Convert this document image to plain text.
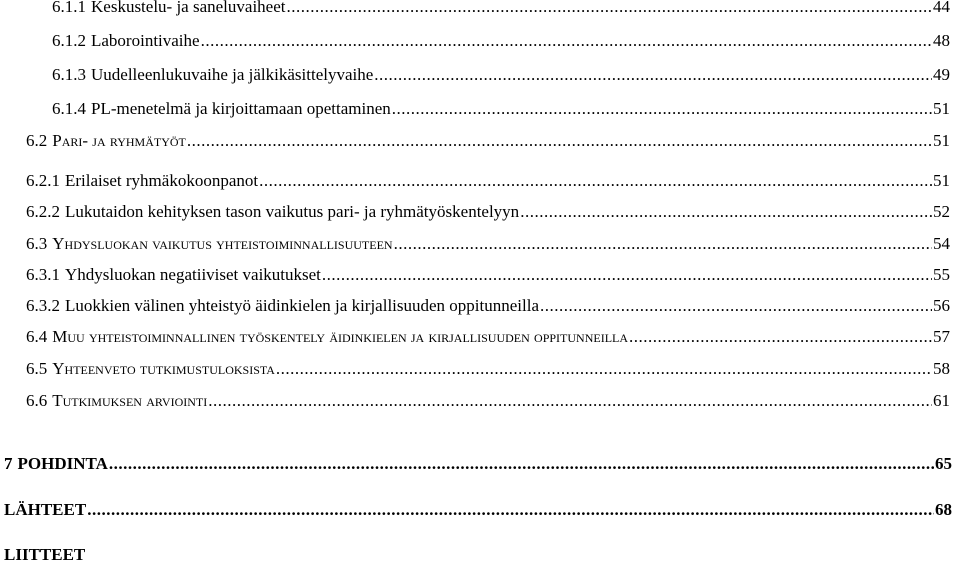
6.1.1 Keskustelu- ja saneluvaiheet .....	44
6.1.2 Laborointivaihe .....	48
6.1.3 Uudelleenlukuvaihe ja jälkikäsittelyvaihe .....	49
6.1.4 PL-menetelmä ja kirjoittamaan opettaminen .....	51
6.2 Pari- ja ryhmätyöt .....	51
6.2.1 Erilaiset ryhmäkokoonpanot .....	51
6.2.2 Lukutaidon kehityksen tason vaikutus pari- ja ryhmätyöskentelyyn .....	52
6.3 Yhdysluokan vaikutus yhteistoiminnallisuuteen .....	54
6.3.1 Yhdysluokan negatiiviset vaikutukset .....	55
6.3.2 Luokkien välinen yhteistyö äidinkielen ja kirjallisuuden oppitunneilla .....	56
6.4 Muu yhteistoiminnallinen työskentely äidinkielen ja kirjallisuuden oppitunneilla .....	57
6.5 Yhteenveto tutkimustuloksista .....	58
6.6 Tutkimuksen arviointi .....	61
7 POHDINTA .....	65
LÄHTEET .....	68
LIITTEET
